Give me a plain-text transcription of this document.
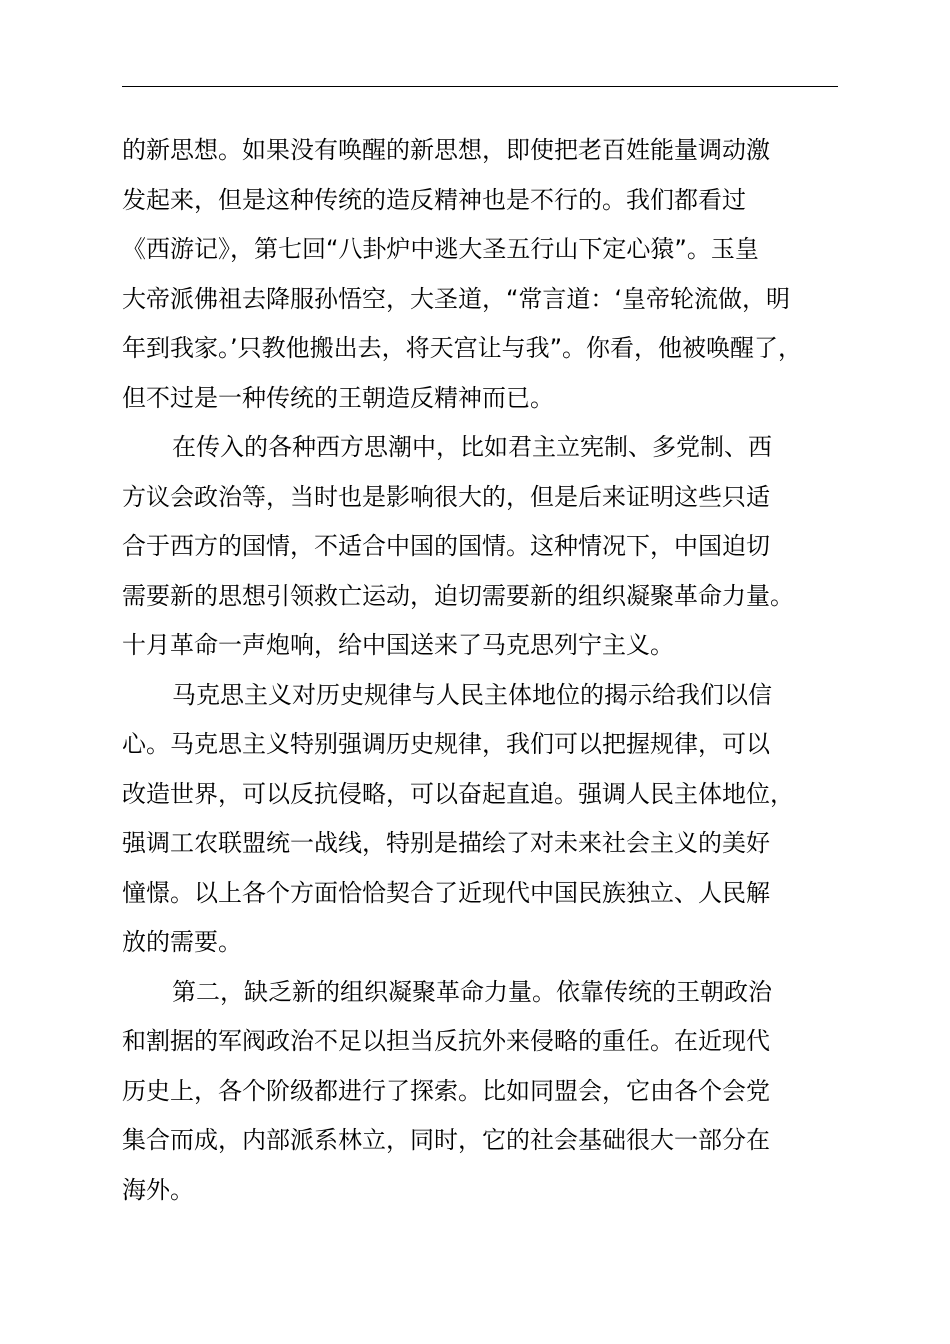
的新思想。如果没有唤醒的新思想，即使把老百姓能量调动激
发起来，但是这种传统的造反精神也是不行的。我们都看过
《西游记》，第七回“八卦炉中逃大圣五行山下定心猿”。玉皇
大帝派佛祖去降服孙悟空，大圣道，“常言道：‘皇帝轮流做，明
年到我家。’只教他搬出去，将天宫让与我”。你看，他被唤醒了，
但不过是一种传统的王朝造反精神而已。
在传入的各种西方思潮中，比如君主立宪制、多党制、西
方议会政治等，当时也是影响很大的，但是后来证明这些只适
合于西方的国情，不适合中国的国情。这种情况下，中国迫切
需要新的思想引领救亡运动，迫切需要新的组织凝聚革命力量。
十月革命一声炮响，给中国送来了马克思列宁主义。
马克思主义对历史规律与人民主体地位的揭示给我们以信
心。马克思主义特别强调历史规律，我们可以把握规律，可以
改造世界，可以反抗侵略，可以奋起直追。强调人民主体地位，
强调工农联盟统一战线，特别是描绘了对未来社会主义的美好
憧憬。以上各个方面恰恰契合了近现代中国民族独立、人民解
放的需要。
第二，缺乏新的组织凝聚革命力量。依靠传统的王朝政治
和割据的军阀政治不足以担当反抗外来侵略的重任。在近现代
历史上，各个阶级都进行了探索。比如同盟会，它由各个会党
集合而成，内部派系林立，同时，它的社会基础很大一部分在
海外。
